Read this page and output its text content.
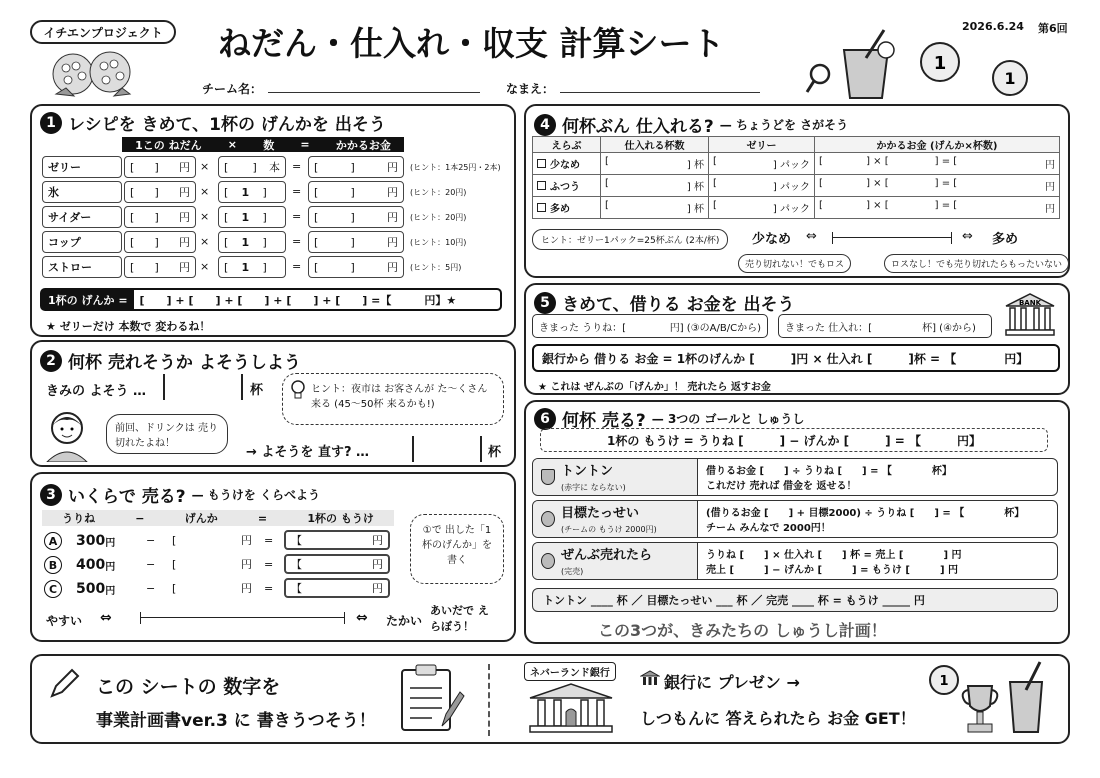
イチエンプロジェクト	ねだん・仕入れ・収支 計算シート
チーム名：	なまえ：
2026.6.24 第6回
1
1
1 レシピを きめて、1杯の げんかを 出そう
1この ねだん × 数 = かかるお金
ゼリー	[ ] 円 × [ ] 本 = [	]	円 (ヒント：1本25円・2本)
氷	[ ] 円 × [ 1 ] = [	]	円 (ヒント：20円)
サイダー	[ ] 円 × [ 1 ] = [	]	円 (ヒント：20円)
コップ	[ ] 円 × [ 1 ] = [	]	円 (ヒント：10円)
ストロー	[ ] 円 × [ 1 ] = [	]	円 (ヒント：5円)
1杯の げんか =	[　　] + [　　] + [　　] + [　　] + [　　] =【　　　円】★
★ ゼリーだけ 本数で 変わるね！
2 何杯 売れそうか よそうしよう
きみの よそう …	杯	ヒント：夜市は お客さんが た〜くさん来る (45〜50杯 来るかも!)
前回、ドリンクは 売り切れたよね！
→ よそうを 直す? …	杯
3 いくらで 売る? — もうけを くらべよう
うりね	−	げんか	=	1杯の もうけ
A	300 円	− [	円 = 【	円
B	400 円	− [	円 = 【	円
C	500 円	− [	円 = 【	円
①で 出した「1杯のげんか」を書く
やすい ⇔	⇔ たかい
あいだで えらぼう！
4 何杯ぶん 仕入れる? — ちょうどを さがそう
えらぶ	仕入れる杯数	ゼリー	かかるお金 (げんか×杯数)
少なめ	[ ] 杯	[ ] パック	[ ] × [ ] = [ 円

ふつう	[ ] 杯	[ ] パック	[ ] × [ ] = [ 円

多め	[ ] 杯	[ ] パック	[ ] × [ ] = [ 円
ヒント：ゼリー1パック=25杯ぶん (2本/杯)	少なめ ⇔	⇔ 多め
売り切れない！でもロス	ロスなし！でも売り切れたらもったいない
5 きめて、借りる お金を 出そう
きまった うりね：[	円] (③のA/B/Cから) きまった 仕入れ：[	杯] (④から)
BANK
銀行から 借りる お金 = 1杯のげんか [　　　]円 × 仕入れ [　　　]杯 = 【　　　　円】
★ これは ぜんぶの「げんか」！ 売れたら 返すお金
6 何杯 売る? — 3つの ゴールと しゅうし
1杯の もうけ = うりね [　　　] − げんか [　　　] = 【　　　円】
トントン
(赤字に ならない)
借りるお金 [　　] ÷ うりね [　　] = 【　　　　杯】
これだけ 売れば 借金を 返せる！
目標たっせい
(チームの もうけ 2000円)
(借りるお金 [　　] + 目標2000) ÷ うりね [　　] = 【　　　　杯】
チーム みんなで 2000円！
ぜんぶ売れたら
(完売)
うりね [　　] × 仕入れ [　　] 杯 = 売上 [　　　　] 円
売上 [　　　] − げんか [　　　] = もうけ [　　　] 円
トントン ____ 杯 ／ 目標たっせい ___ 杯 ／ 完売 ____ 杯 = もうけ _____ 円
この3つが、きみたちの しゅうし計画！
この シートの 数字を
事業計画書ver.3 に 書きうつそう！
ネバーランド銀行	銀行に プレゼン →
しつもんに 答えられたら お金 GET！
1
